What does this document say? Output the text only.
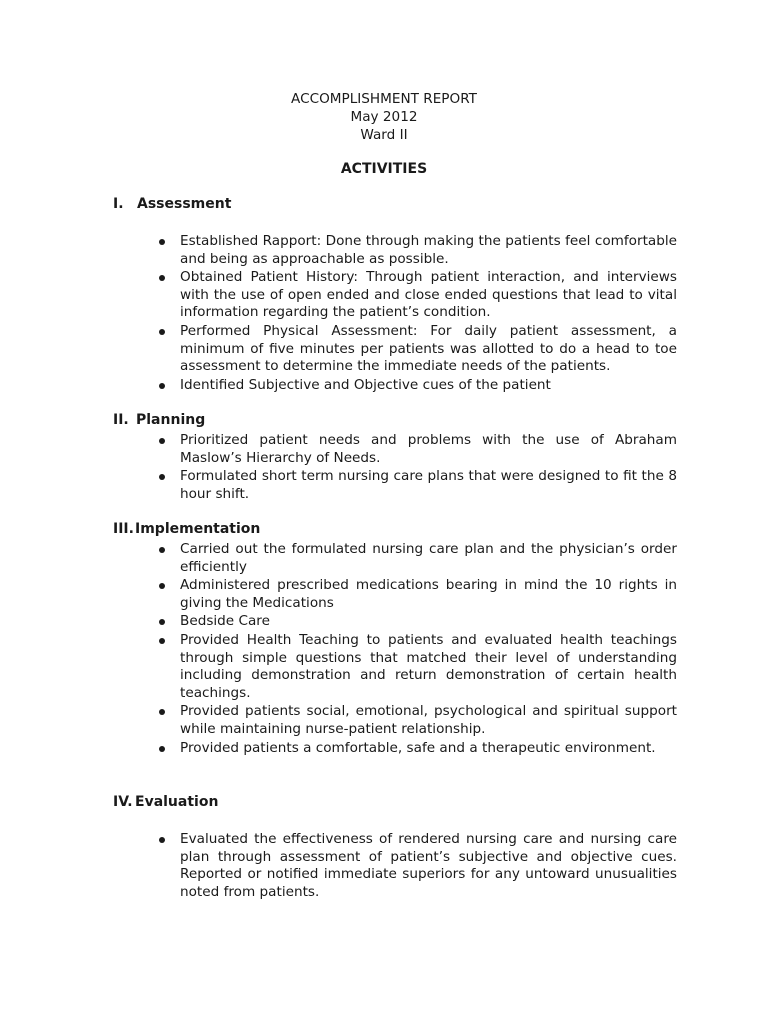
ACCOMPLISHMENT REPORT
May 2012
Ward II
ACTIVITIES
I. Assessment
Established Rapport: Done through making the patients feel comfortable and being as approachable as possible.
Obtained Patient History: Through patient interaction, and interviews with the use of open ended and close ended questions that lead to vital information regarding the patient’s condition.
Performed Physical Assessment: For daily patient assessment, a minimum of five minutes per patients was allotted to do a head to toe assessment to determine the immediate needs of the patients.
Identified Subjective and Objective cues of the patient
II. Planning
Prioritized patient needs and problems with the use of Abraham Maslow’s Hierarchy of Needs.
Formulated short term nursing care plans that were designed to fit the 8 hour shift.
III.Implementation
Carried out the formulated nursing care plan and the physician’s order efficiently
Administered prescribed medications bearing in mind the 10 rights in giving the Medications
Bedside Care
Provided Health Teaching to patients and evaluated health teachings through simple questions that matched their level of understanding including demonstration and return demonstration of certain health teachings.
Provided patients social, emotional, psychological and spiritual support while maintaining nurse-patient relationship.
Provided patients a comfortable, safe and a therapeutic environment.
IV. Evaluation
Evaluated the effectiveness of rendered nursing care and nursing care plan through assessment of patient’s subjective and objective cues. Reported or notified immediate superiors for any untoward unusualities noted from patients.
